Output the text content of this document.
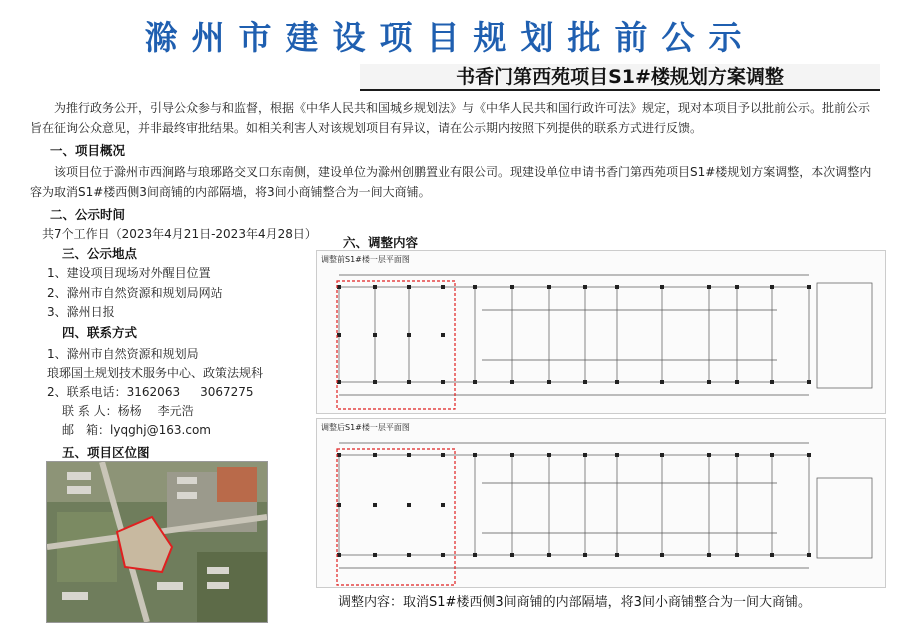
滁州市建设项目规划批前公示
书香门第西苑项目S1#楼规划方案调整
为推行政务公开，引导公众参与和监督，根据《中华人民共和国城乡规划法》与《中华人民共和国行政许可法》规定，现对本项目予以批前公示。批前公示旨在征询公众意见，并非最终审批结果。如相关利害人对该规划项目有异议，请在公示期内按照下列提供的联系方式进行反馈。
一、项目概况
该项目位于滁州市西涧路与琅琊路交叉口东南侧，建设单位为滁州创鹏置业有限公司。现建设单位申请书香门第西苑项目S1#楼规划方案调整，本次调整内容为取消S1#楼西侧3间商铺的内部隔墙，将3间小商铺整合为一间大商铺。
二、公示时间
共7个工作日（2023年4月21日-2023年4月28日）
三、公示地点
1、建设项目现场对外醒目位置
2、滁州市自然资源和规划局网站
3、滁州日报
四、联系方式
1、滁州市自然资源和规划局
琅琊国土规划技术服务中心、政策法规科
2、联系电话：3162063 3067275
联 系 人：杨杨 李元浩
邮　箱：lyqghj@163.com
五、项目区位图
六、调整内容
调整前S1#楼一层平面图
调整后S1#楼一层平面图
调整内容：取消S1#楼西侧3间商铺的内部隔墙，将3间小商铺整合为一间大商铺。
